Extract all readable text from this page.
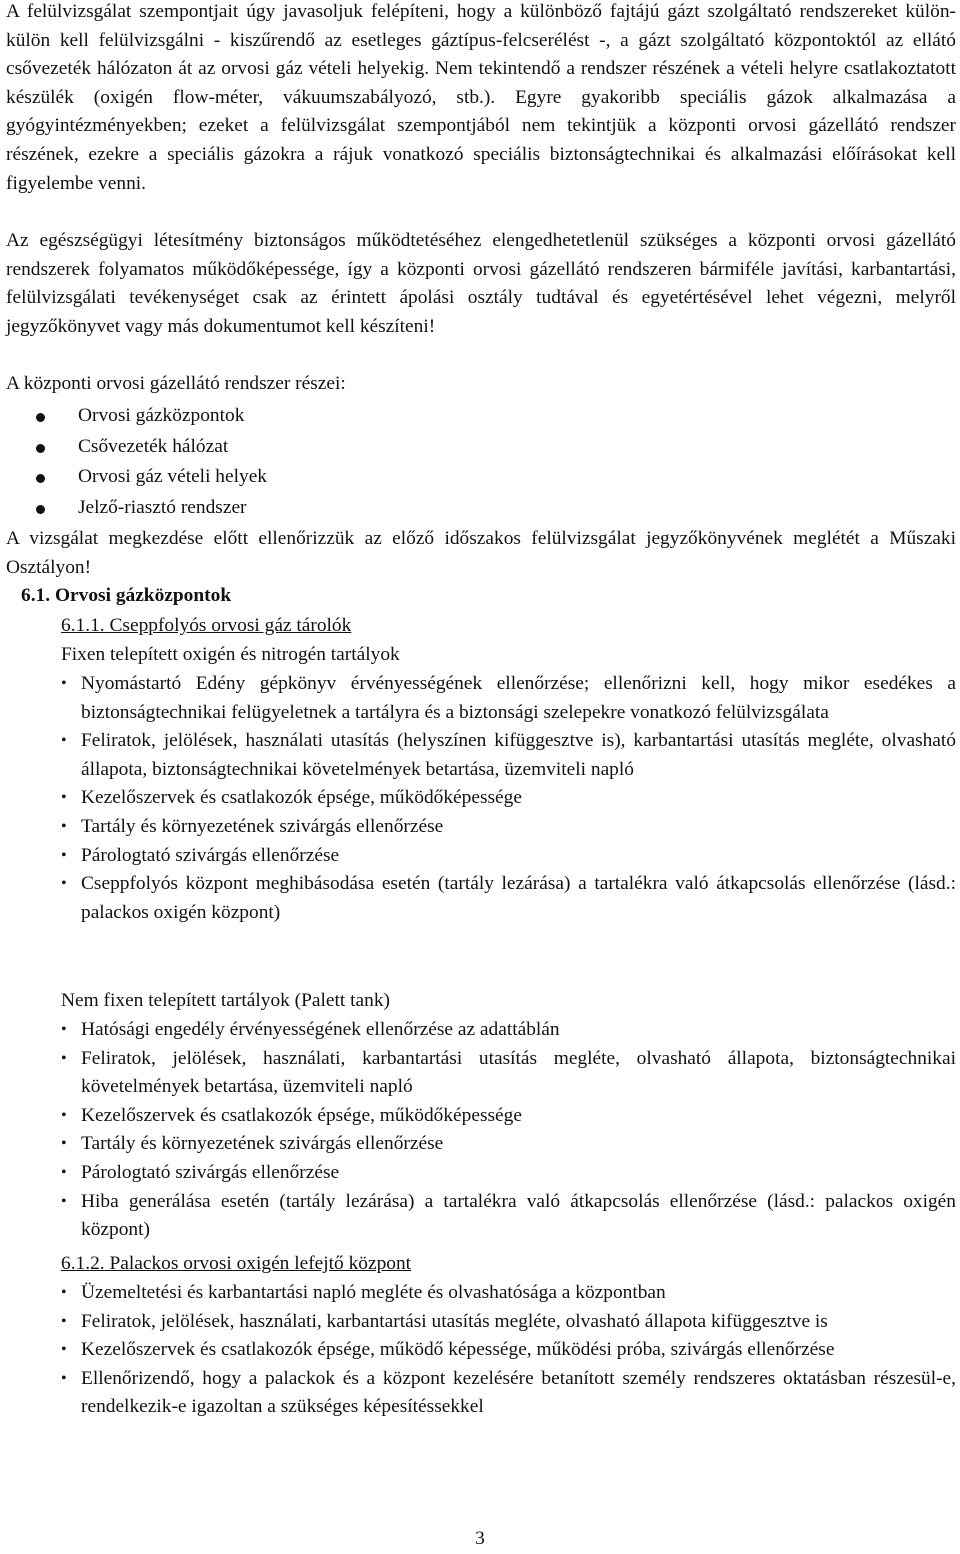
A felülvizsgálat szempontjait úgy javasoljuk felépíteni, hogy a különböző fajtájú gázt szolgáltató rendszereket külön-külön kell felülvizsgálni - kiszűrendő az esetleges gáztípus-felcserélést -, a gázt szolgáltató központoktól az ellátó csővezeték hálózaton át az orvosi gáz vételi helyekig. Nem tekintendő a rendszer részének a vételi helyre csatlakoztatott készülék (oxigén flow-méter, vákuumszabályozó, stb.). Egyre gyakoribb speciális gázok alkalmazása a gyógyintézményekben; ezeket a felülvizsgálat szempontjából nem tekintjük a központi orvosi gázellátó rendszer részének, ezekre a speciális gázokra a rájuk vonatkozó speciális biztonságtechnikai és alkalmazási előírásokat kell figyelembe venni.

Az egészségügyi létesítmény biztonságos működtetéséhez elengedhetetlenül szükséges a központi orvosi gázellátó rendszerek folyamatos működőképessége, így a központi orvosi gázellátó rendszeren bármiféle javítási, karbantartási, felülvizsgálati tevékenységet csak az érintett ápolási osztály tudtával és egyetértésével lehet végezni, melyről jegyzőkönyvet vagy más dokumentumot kell készíteni!

A központi orvosi gázellátó rendszer részei:

Orvosi gázközpontok
Csővezeték hálózat
Orvosi gáz vételi helyek
Jelző-riasztó rendszer

A vizsgálat megkezdése előtt ellenőrizzük az előző időszakos felülvizsgálat jegyzőkönyvének meglétét a Műszaki Osztályon!

6.1. Orvosi gázközpontok
6.1.1. Cseppfolyós orvosi gáz tárolók
Fixen telepített oxigén és nitrogén tartályok
• Nyomástartó Edény gépkönyv érvényességének ellenőrzése; ellenőrizni kell, hogy mikor esedékes a biztonságtechnikai felügyeletnek a tartályra és a biztonsági szelepekre vonatkozó felülvizsgálata
• Feliratok, jelölések, használati utasítás (helyszínen kifüggesztve is), karbantartási utasítás megléte, olvasható állapota, biztonságtechnikai követelmények betartása, üzemviteli napló
• Kezelőszervek és csatlakozók épsége, működőképessége
• Tartály és környezetének szivárgás ellenőrzése
• Párologtató szivárgás ellenőrzése
• Cseppfolyós központ meghibásodása esetén (tartály lezárása) a tartalékra való átkapcsolás ellenőrzése (lásd.: palackos oxigén központ)
Nem fixen telepített tartályok (Palett tank)
• Hatósági engedély érvényességének ellenőrzése az adattáblán
• Feliratok, jelölések, használati, karbantartási utasítás megléte, olvasható állapota, biztonságtechnikai követelmények betartása, üzemviteli napló
• Kezelőszervek és csatlakozók épsége, működőképessége
• Tartály és környezetének szivárgás ellenőrzése
• Párologtató szivárgás ellenőrzése
• Hiba generálása esetén (tartály lezárása) a tartalékra való átkapcsolás ellenőrzése (lásd.: palackos oxigén központ)
6.1.2. Palackos orvosi oxigén lefejtő központ
• Üzemeltetési és karbantartási napló megléte és olvashatósága a központban
• Feliratok, jelölések, használati, karbantartási utasítás megléte, olvasható állapota kifüggesztve is
• Kezelőszervek és csatlakozók épsége, működő képessége, működési próba, szivárgás ellenőrzése
• Ellenőrizendő, hogy a palackok és a központ kezelésére betanított személy rendszeres oktatásban részesül-e, rendelkezik-e igazoltan a szükséges képesítéssekkel
3
